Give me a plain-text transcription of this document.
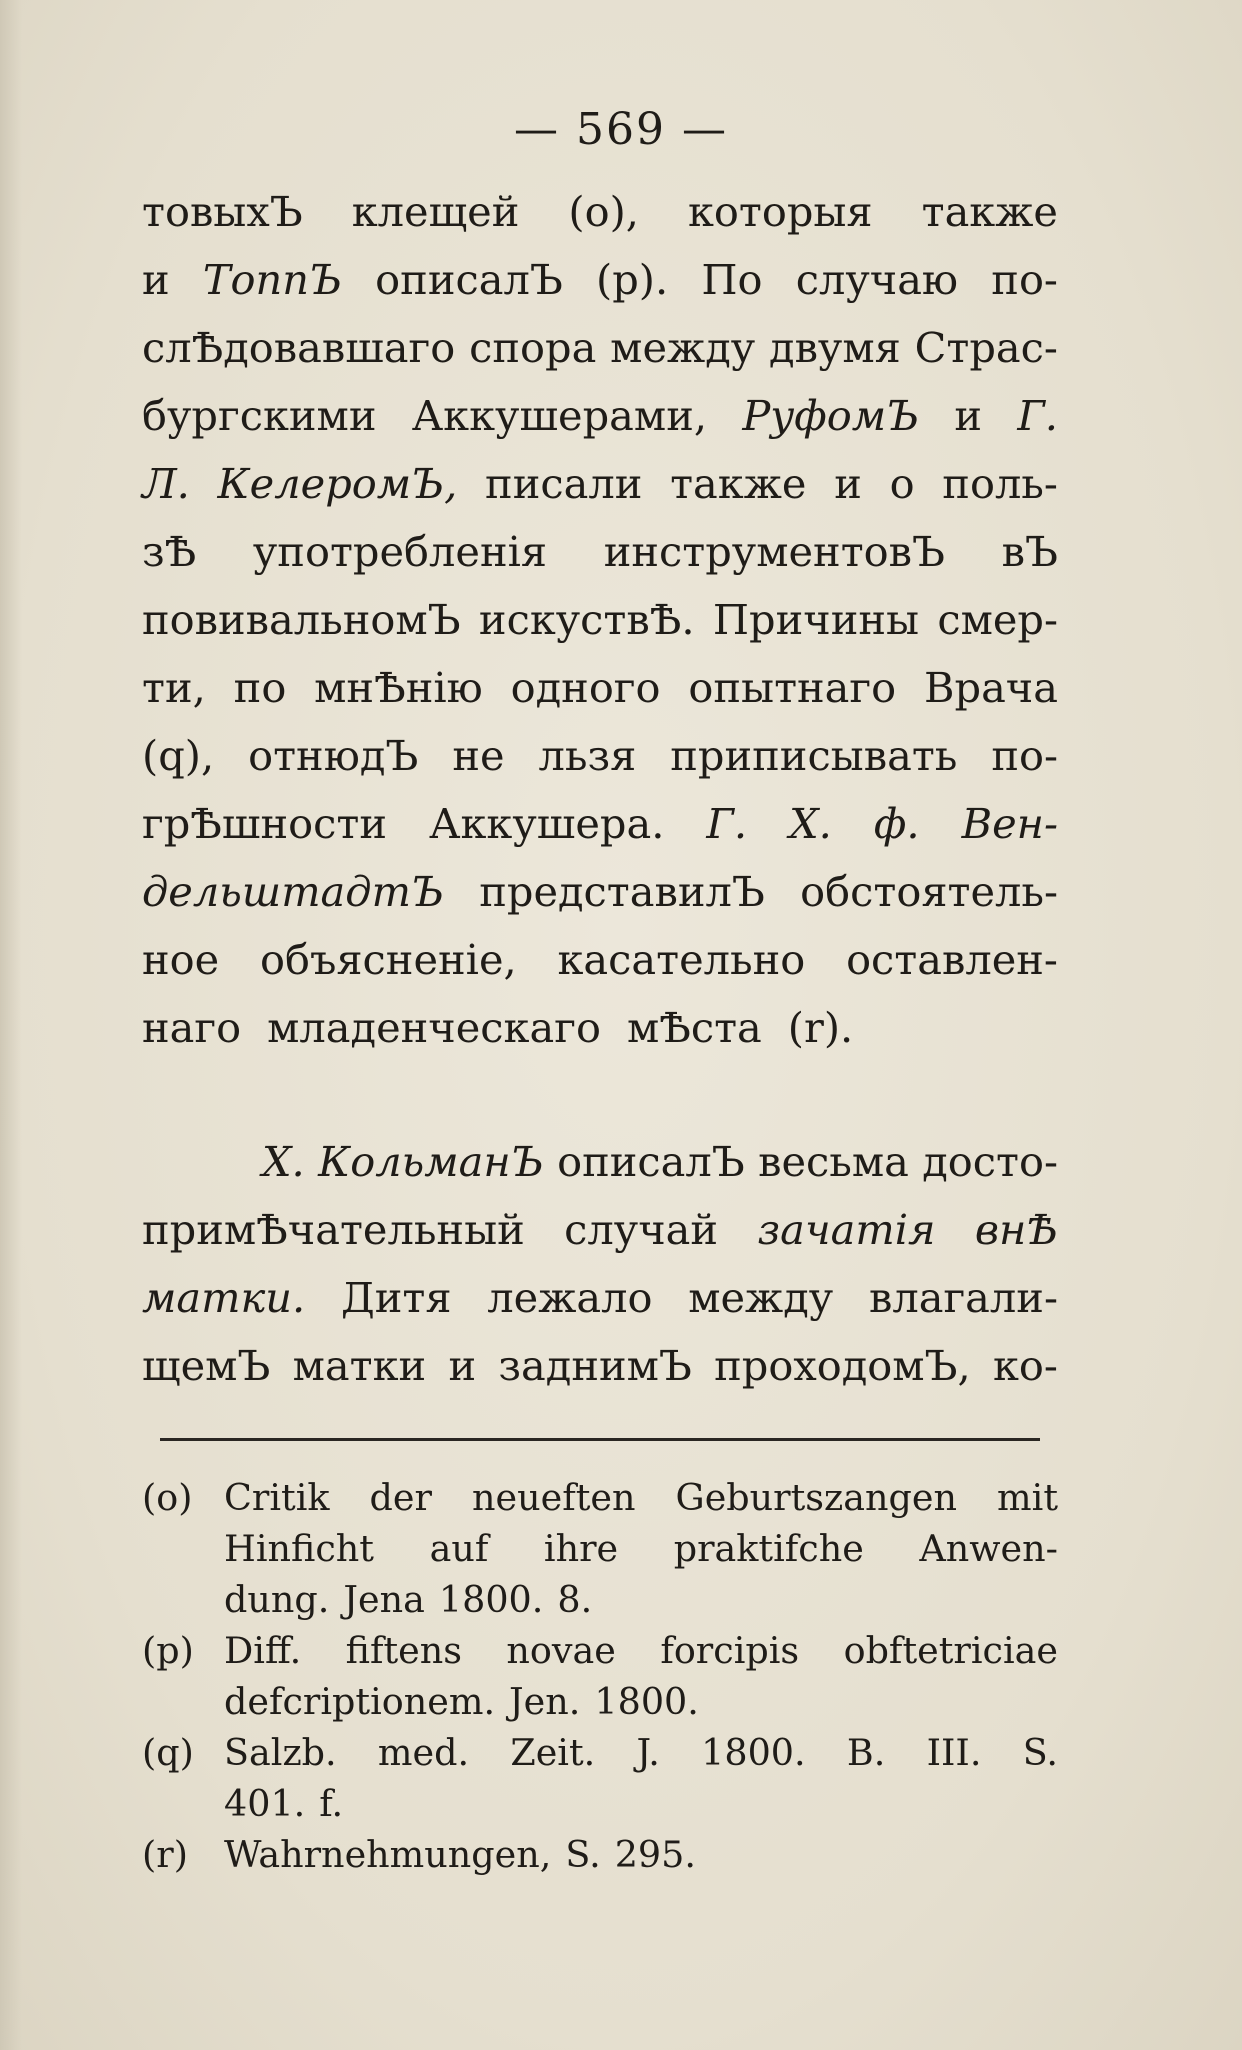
— 569 —
товыхЪ клещей (о), которыя также
и ТоппЪ описалЪ (р). По случаю по-
слѢдовавшаго спора между двумя Страс-
бургскими Аккушерами, РуфомЪ и Г.
Л. КелеромЪ, писали также и о поль-
зѢ употребленія инструментовЪ вЪ
повивальномЪ искуствѢ. Причины смер-
ти, по мнѢнію одного опытнаго Врача
(q), отнюдЪ не льзя приписывать по-
грѢшности Аккушера. Г. Х. ф. Вен-
дельштадтЪ представилЪ обстоятель-
ное объясненіе, касательно оставлен-
наго младенческаго мѢста (r).
Х. КольманЪ описалЪ весьма досто-
примѢчательный случай зачатія внѢ
матки. Дитя лежало между влагали-
щемЪ матки и заднимЪ проходомЪ, ко-
(o) Critik der neueften Geburtszangen mit
Hinficht auf ihre praktifche Anwen-
dung. Jena 1800. 8.
(p) Diff. fiftens novae forcipis obftetriciae
defcriptionem. Jen. 1800.
(q) Salzb. med. Zeit. J. 1800. B. III. S.
401. f.
(r) Wahrnehmungen, S. 295.
